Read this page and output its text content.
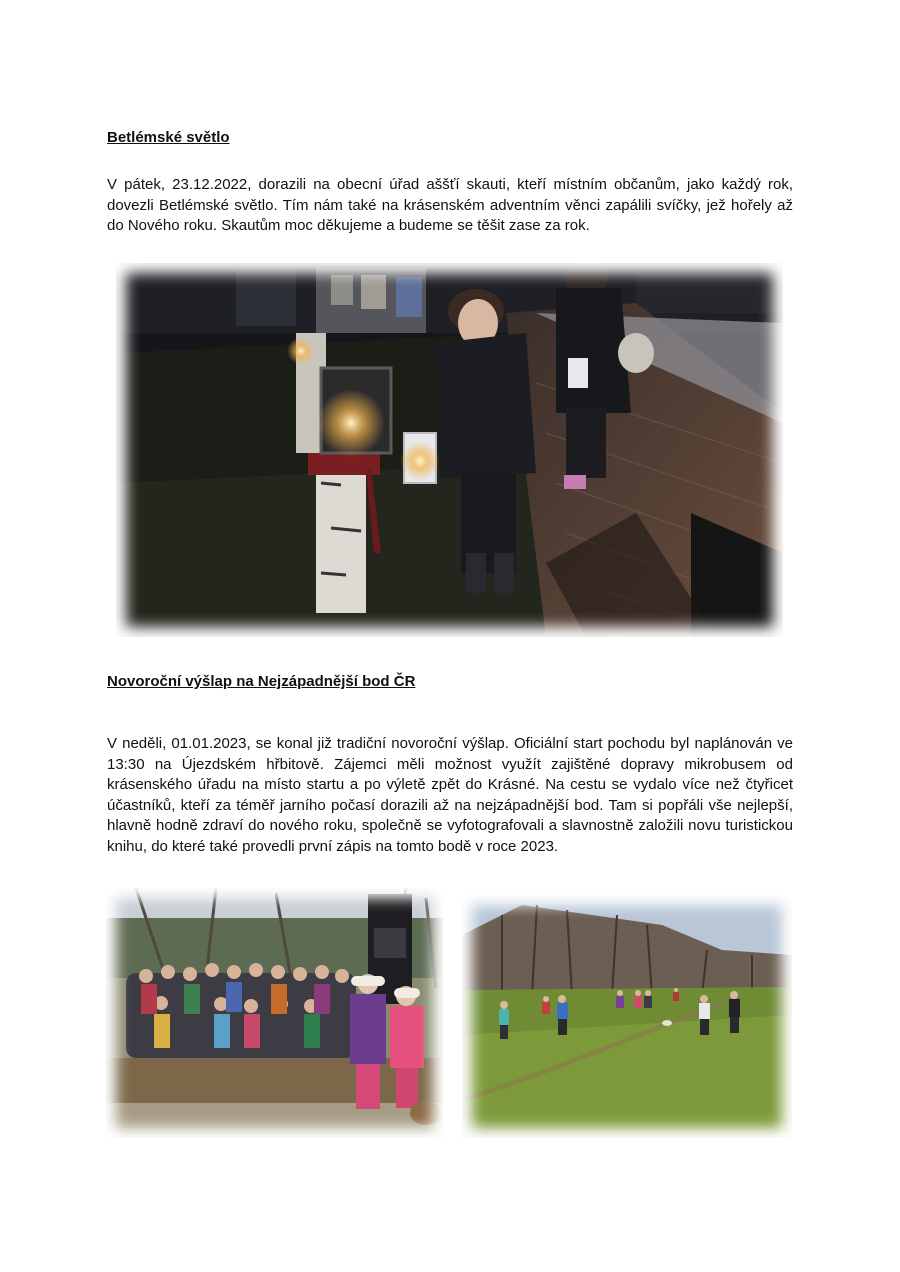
Betlémské světlo

V pátek, 23.12.2022, dorazili na obecní úřad aššťí skauti, kteří místním občanům, jako každý rok, dovezli Betlémské světlo. Tím nám také na krásenském adventním věnci zapálili svíčky, jež hořely až do Nového roku. Skautům moc děkujeme a budeme se těšit zase za rok.

Novoroční výšlap na Nejzápadnější bod ČR

V neděli, 01.01.2023, se konal již tradiční novoroční výšlap. Oficiální start pochodu byl naplánován ve 13:30 na Újezdském hřbitově. Zájemci měli možnost využít zajištěné dopravy mikrobusem od krásenského úřadu na místo startu a po výletě zpět do Krásné. Na cestu se vydalo více než čtyřicet účastníků, kteří za téměř jarního počasí dorazili až na nejzápadnější bod. Tam si popřáli vše nejlepší, hlavně hodně zdraví do nového roku, společně se vyfotografovali a slavnostně založili novu turistickou knihu, do které také provedli první zápis na tomto bodě v roce 2023.
